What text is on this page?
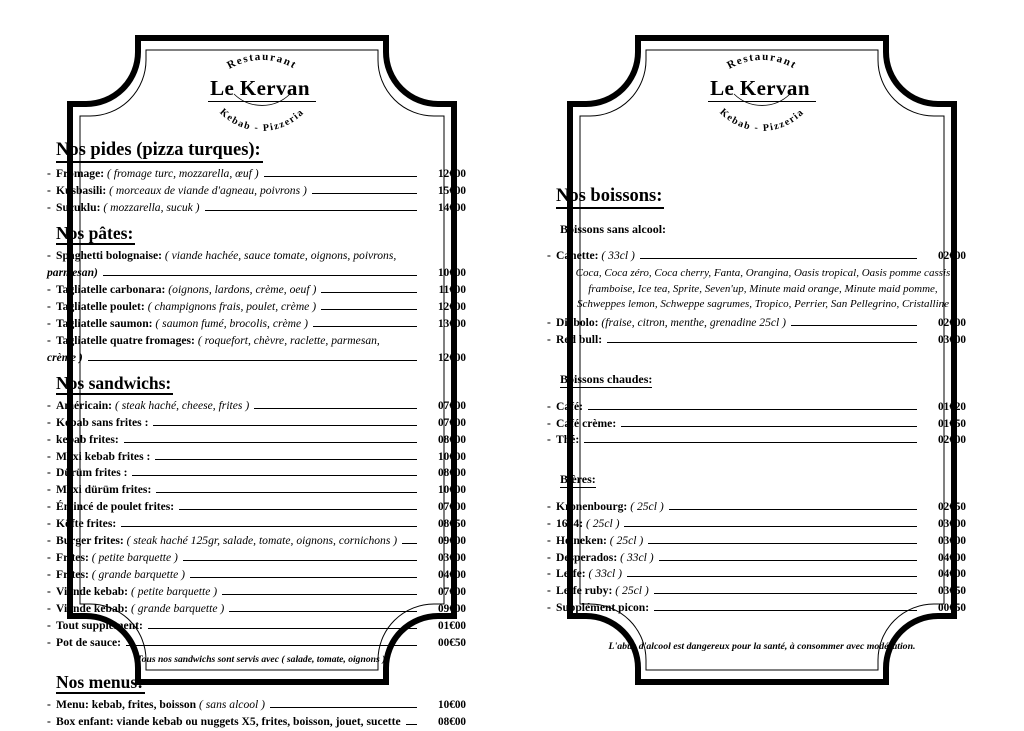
Restaurant
Kebab - Pizzeria
Le Kervan
Nos pides (pizza turques):
- Fromage: ( fromage turc, mozzarella, œuf )	12€00
- Kusbasili: ( morceaux de viande d'agneau, poivrons )	15€00
- Sucuklu: ( mozzarella, sucuk )	14€00
Nos pâtes:
- Spaghetti bolognaise: ( viande hachée, sauce tomate, oignons, poivrons,
parmesan)	10€00
- Tagliatelle carbonara: (oignons, lardons, crème, oeuf )	11€00
- Tagliatelle poulet: ( champignons frais, poulet, crème )	12€00
- Tagliatelle saumon: ( saumon fumé, brocolis, crème )	13€00
- Tagliatelle quatre fromages: ( roquefort, chèvre, raclette, parmesan,
crème )	12€00
Nos sandwichs:
- Américain: ( steak haché, cheese, frites )	07€00
- Kebab sans frites :	07€00
- kebab frites:	08€00
- Maxi kebab frites :	10€00
- Dürüm frites :	08€00
- Maxi dürüm frites:	10€00
- Émincé de poulet frites:	07€00
- Köfte frites:	08€50
- Burger frites: ( steak haché 125gr, salade, tomate, oignons, cornichons )	09€00
- Frites: ( petite barquette )	03€00
- Frites: ( grande barquette )	04€00
- Viande kebab: ( petite barquette )	07€00
- Viande kebab: ( grande barquette )	09€00
- Tout supplément:	01€00
- Pot de sauce:	00€50
Tous nos sandwichs sont servis avec ( salade, tomate, oignons )
Nos menus:
- Menu: kebab, frites, boisson ( sans alcool )	10€00
- Box enfant: viande kebab ou nuggets X5, frites, boisson, jouet, sucette	08€00
Restaurant
Kebab - Pizzeria
Le Kervan
Nos boissons:
Boissons sans alcool:
- Canette: ( 33cl )	02€00
Coca, Coca zéro, Coca cherry, Fanta, Orangina, Oasis tropical, Oasis pomme cassis framboise, Ice tea, Sprite, Seven'up, Minute maid orange, Minute maid pomme, Schweppes lemon, Schweppe sagrumes, Tropico, Perrier, San Pellegrino, Cristalline
- Diabolo: (fraise, citron, menthe, grenadine 25cl )	02€00
- Red bull:	03€00
Boissons chaudes:
- Café:	01€20
- Café crème:	01€50
- Thé:	02€00
Bières:
- Kronenbourg: ( 25cl )	02€50
- 1664: ( 25cl )	03€00
- Heineken: ( 25cl )	03€00
- Desperados: ( 33cl )	04€00
- Leffe: ( 33cl )	04€00
- Leffe ruby: ( 25cl )	03€50
- Supplément picon:	00€50
L'abus d'alcool est dangereux pour la santé, à consommer avec modération.
